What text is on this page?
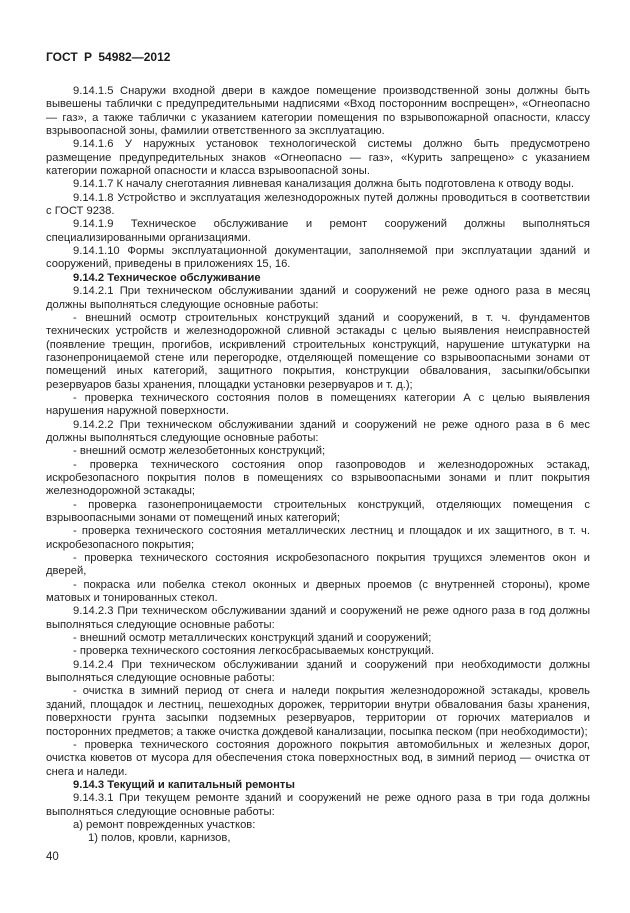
ГОСТ Р 54982—2012

9.14.1.5 Снаружи входной двери в каждое помещение производственной зоны должны быть вывешены таблички с предупредительными надписями «Вход посторонним воспрещен», «Огнеопасно — газ», а также таблички с указанием категории помещения по взрывопожарной опасности, классу взрывоопасной зоны, фамилии ответственного за эксплуатацию.

9.14.1.6 У наружных установок технологической системы должно быть предусмотрено размещение предупредительных знаков «Огнеопасно — газ», «Курить запрещено» с указанием категории пожарной опасности и класса взрывоопасной зоны.

9.14.1.7 К началу снеготаяния ливневая канализация должна быть подготовлена к отводу воды.

9.14.1.8 Устройство и эксплуатация железнодорожных путей должны проводиться в соответствии с ГОСТ 9238.

9.14.1.9 Техническое обслуживание и ремонт сооружений должны выполняться специализированными организациями.

9.14.1.10 Формы эксплуатационной документации, заполняемой при эксплуатации зданий и сооружений, приведены в приложениях 15, 16.

9.14.2 Техническое обслуживание

9.14.2.1 При техническом обслуживании зданий и сооружений не реже одного раза в месяц должны выполняться следующие основные работы:

- внешний осмотр строительных конструкций зданий и сооружений, в т. ч. фундаментов технических устройств и железнодорожной сливной эстакады с целью выявления неисправностей (появление трещин, прогибов, искривлений строительных конструкций, нарушение штукатурки на газонепроницаемой стене или перегородке, отделяющей помещение со взрывоопасными зонами от помещений иных категорий, защитного покрытия, конструкции обвалования, засыпки/обсыпки резервуаров базы хранения, площадки установки резервуаров и т. д.);

- проверка технического состояния полов в помещениях категории А с целью выявления нарушения наружной поверхности.

9.14.2.2 При техническом обслуживании зданий и сооружений не реже одного раза в 6 мес должны выполняться следующие основные работы:

- внешний осмотр железобетонных конструкций;

- проверка технического состояния опор газопроводов и железнодорожных эстакад, искробезопасного покрытия полов в помещениях со взрывоопасными зонами и плит покрытия железнодорожной эстакады;

- проверка газонепроницаемости строительных конструкций, отделяющих помещения с взрывоопасными зонами от помещений иных категорий;

- проверка технического состояния металлических лестниц и площадок и их защитного, в т. ч. искробезопасного покрытия;

- проверка технического состояния искробезопасного покрытия трущихся элементов окон и дверей,

- покраска или побелка стекол оконных и дверных проемов (с внутренней стороны), кроме матовых и тонированных стекол.

9.14.2.3 При техническом обслуживании зданий и сооружений не реже одного раза в год должны выполняться следующие основные работы:

- внешний осмотр металлических конструкций зданий и сооружений;

- проверка технического состояния легкосбрасываемых конструкций.

9.14.2.4 При техническом обслуживании зданий и сооружений при необходимости должны выполняться следующие основные работы:

- очистка в зимний период от снега и наледи покрытия железнодорожной эстакады, кровель зданий, площадок и лестниц, пешеходных дорожек, территории внутри обвалования базы хранения, поверхности грунта засыпки подземных резервуаров, территории от горючих материалов и посторонних предметов; а также очистка дождевой канализации, посыпка песком (при необходимости);

- проверка технического состояния дорожного покрытия автомобильных и железных дорог, очистка кюветов от мусора для обеспечения стока поверхностных вод, в зимний период — очистка от снега и наледи.

9.14.3 Текущий и капитальный ремонты

9.14.3.1 При текущем ремонте зданий и сооружений не реже одного раза в три года должны выполняться следующие основные работы:

а) ремонт поврежденных участков:

1) полов, кровли, карнизов,

40
